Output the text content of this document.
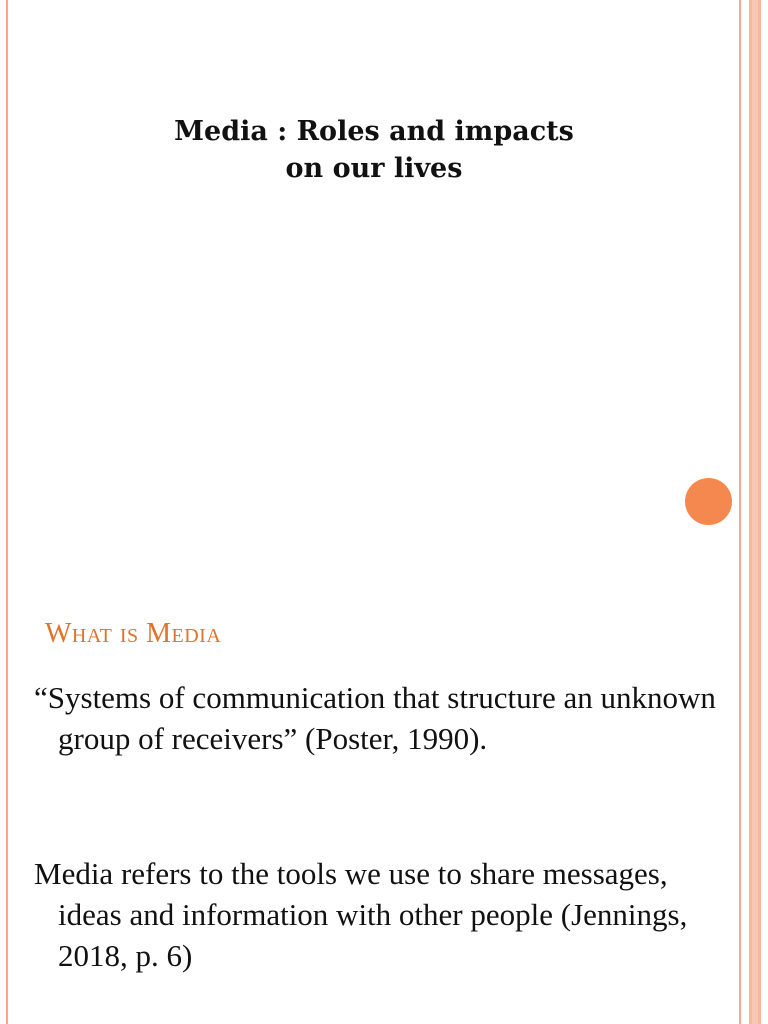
Media : Roles and impacts
on our lives
What is Media
“Systems of communication that structure an unknown group of receivers” (Poster, 1990).
Media refers to the tools we use to share messages, ideas and information with other people (Jennings, 2018, p. 6)
